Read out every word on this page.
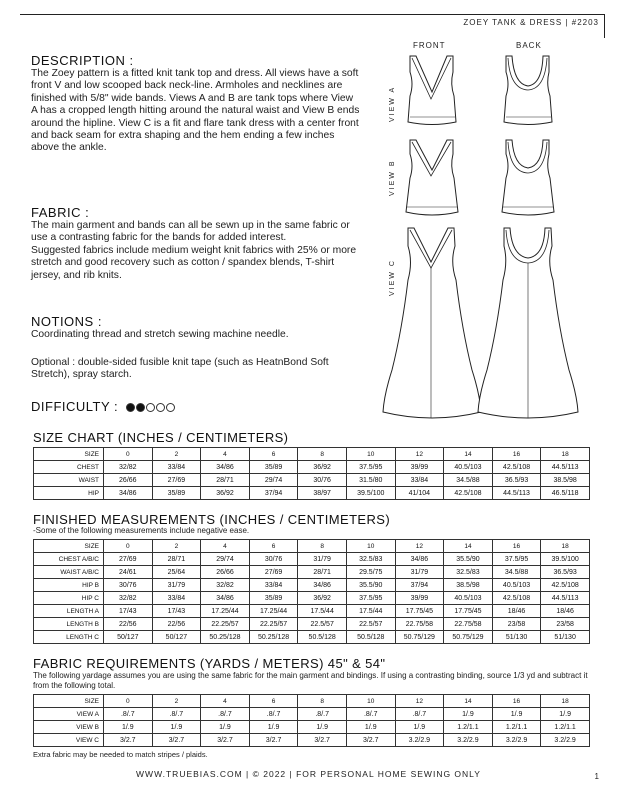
ZOEY TANK & DRESS | #2203
DESCRIPTION :
The Zoey pattern is a fitted knit tank top and dress. All views have a soft front V and low scooped back neck-line. Armholes and necklines are finished with 5/8" wide bands. Views A and B are tank tops where View A has a cropped length hitting around the natural waist and View B ends around the hipline. View C is a fit and flare tank dress with a center front and back seam for extra shaping and the hem ending a few inches above the ankle.
FABRIC :
The main garment and bands can all be sewn up in the same fabric or use a contrasting fabric for the bands for added interest.
Suggested fabrics include medium weight knit fabrics with 25% or more stretch and good recovery such as cotton / spandex blends, T-shirt jersey, and rib knits.
NOTIONS :
Coordinating thread and stretch sewing machine needle.
Optional : double-sided fusible knit tape (such as HeatnBond Soft Stretch), spray starch.
DIFFICULTY :
FRONT	BACK
VIEW A
VIEW B
VIEW C
SIZE CHART (INCHES / CENTIMETERS)
SIZE	0	2	4	6	8	10	12	14	16	18
CHEST	32/82	33/84	34/86	35/89	36/92	37.5/95	39/99	40.5/103	42.5/108	44.5/113
WAIST	26/66	27/69	28/71	29/74	30/76	31.5/80	33/84	34.5/88	36.5/93	38.5/98
HIP	34/86	35/89	36/92	37/94	38/97	39.5/100	41/104	42.5/108	44.5/113	46.5/118
FINISHED MEASUREMENTS (INCHES / CENTIMETERS)
-Some of the following measurements include negative ease.
SIZE	0	2	4	6	8	10	12	14	16	18
CHEST A/B/C	27/69	28/71	29/74	30/76	31/79	32.5/83	34/86	35.5/90	37.5/95	39.5/100
WAIST A/B/C	24/61	25/64	26/66	27/69	28/71	29.5/75	31/79	32.5/83	34.5/88	36.5/93
HIP B	30/76	31/79	32/82	33/84	34/86	35.5/90	37/94	38.5/98	40.5/103	42.5/108
HIP C	32/82	33/84	34/86	35/89	36/92	37.5/95	39/99	40.5/103	42.5/108	44.5/113
LENGTH A	17/43	17/43	17.25/44	17.25/44	17.5/44	17.5/44	17.75/45	17.75/45	18/46	18/46
LENGTH B	22/56	22/56	22.25/57	22.25/57	22.5/57	22.5/57	22.75/58	22.75/58	23/58	23/58
LENGTH C	50/127	50/127	50.25/128	50.25/128	50.5/128	50.5/128	50.75/129	50.75/129	51/130	51/130
FABRIC REQUIREMENTS (YARDS / METERS) 45" & 54"
The following yardage assumes you are using the same fabric for the main garment and bindings. If using a contrasting binding, source 1/3 yd and subtract it from the following total.
SIZE	0	2	4	6	8	10	12	14	16	18
VIEW A	.8/.7	.8/.7	.8/.7	.8/.7	.8/.7	.8/.7	.8/.7	1/.9	1/.9	1/.9
VIEW B	1/.9	1/.9	1/.9	1/.9	1/.9	1/.9	1/.9	1.2/1.1	1.2/1.1	1.2/1.1
VIEW C	3/2.7	3/2.7	3/2.7	3/2.7	3/2.7	3/2.7	3.2/2.9	3.2/2.9	3.2/2.9	3.2/2.9
Extra fabric may be needed to match stripes / plaids.
WWW.TRUEBIAS.COM | © 2022 | FOR PERSONAL HOME SEWING ONLY	1
